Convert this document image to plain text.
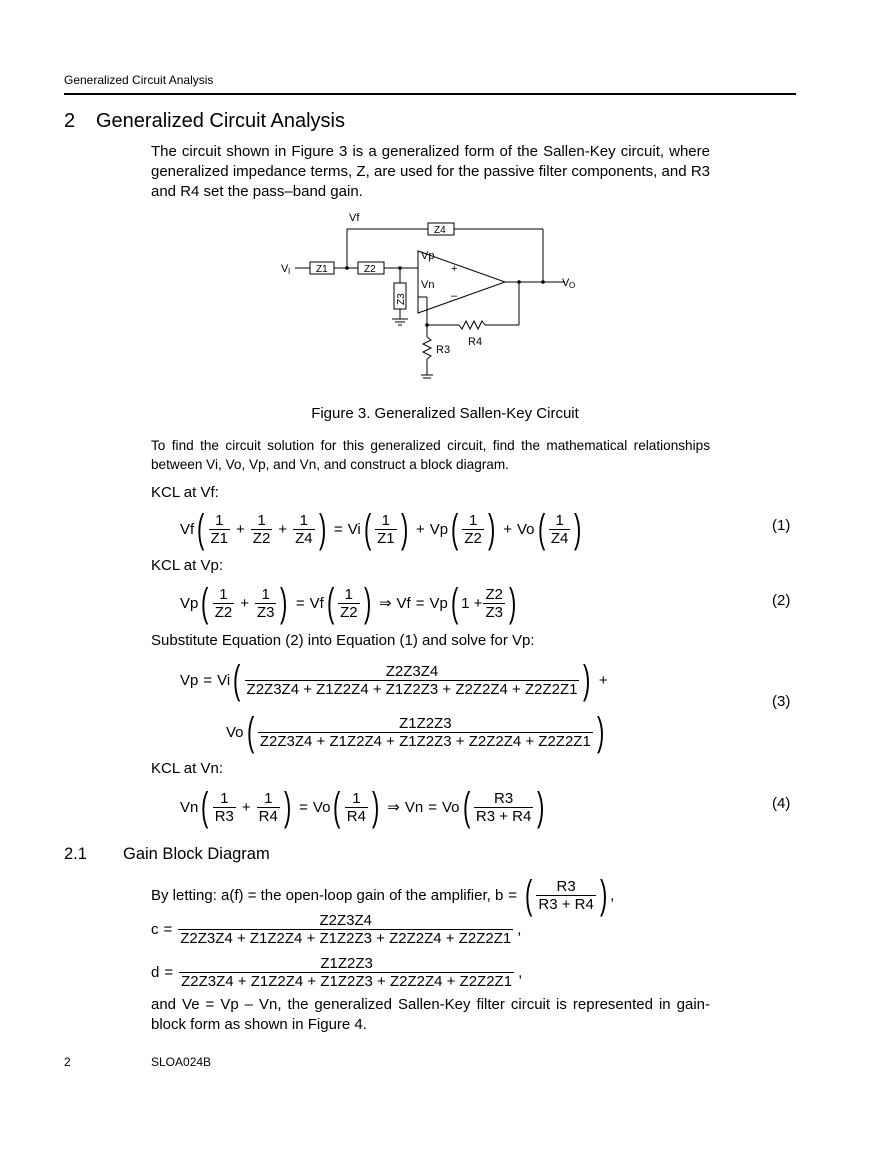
Generalized Circuit Analysis
2 Generalized Circuit Analysis
The circuit shown in Figure 3 is a generalized form of the Sallen-Key circuit, where generalized impedance terms, Z, are used for the passive filter components, and R3 and R4 set the pass–band gain.
Vf
V I	Z1	Z2
Z4
Z3
Vp
Vn
+
–
V O
R4
R3
Figure 3. Generalized Sallen-Key Circuit
To find the circuit solution for this generalized circuit, find the mathematical relationships between Vi, Vo, Vp, and Vn, and construct a block diagram.
KCL at Vf:
Vf ( $\frac{1}{Z1} + \frac{1}{Z2} + \frac{1}{Z4}$ ) = Vi ( $\frac{1}{Z1}$ ) + Vp ( $\frac{1}{Z2}$ ) + Vo ( $\frac{1}{Z4}$ )	(1)
KCL at Vp:
Vp ( $\frac{1}{Z2} + \frac{1}{Z3}$ ) = Vf ( $\frac{1}{Z2}$ ) ⇒ Vf = Vp ( $1 + \frac{Z2}{Z3}$ )	(2)
Substitute Equation (2) into Equation (1) and solve for Vp:
Vp = Vi ( $\frac{Z2Z3Z4}{Z2Z3Z4 + Z1Z2Z4 + Z1Z2Z3 + Z2Z2Z4 + Z2Z2Z1}$ ) +
Vo ( $\frac{Z1Z2Z3}{Z2Z3Z4 + Z1Z2Z4 + Z1Z2Z3 + Z2Z2Z4 + Z2Z2Z1}$ )
(3)
KCL at Vn:
Vn ( $\frac{1}{R3} + \frac{1}{R4}$ ) = Vo ( $\frac{1}{R4}$ ) ⇒ Vn = Vo ( $\frac{R3}{R3 + R4}$ )	(4)
2.1 Gain Block Diagram
By letting: a(f) = the open-loop gain of the amplifier, b = ( $\frac{R3}{R3 + R4}$ ) ,
$c = \frac{Z2Z3Z4}{Z2Z3Z4 + Z1Z2Z4 + Z1Z2Z3 + Z2Z2Z4 + Z2Z2Z1}$ ,
$d = \frac{Z1Z2Z3}{Z2Z3Z4 + Z1Z2Z4 + Z1Z2Z3 + Z2Z2Z4 + Z2Z2Z1}$ ,
and Ve = Vp – Vn, the generalized Sallen-Key filter circuit is represented in gain-block form as shown in Figure 4.
2	SLOA024B
